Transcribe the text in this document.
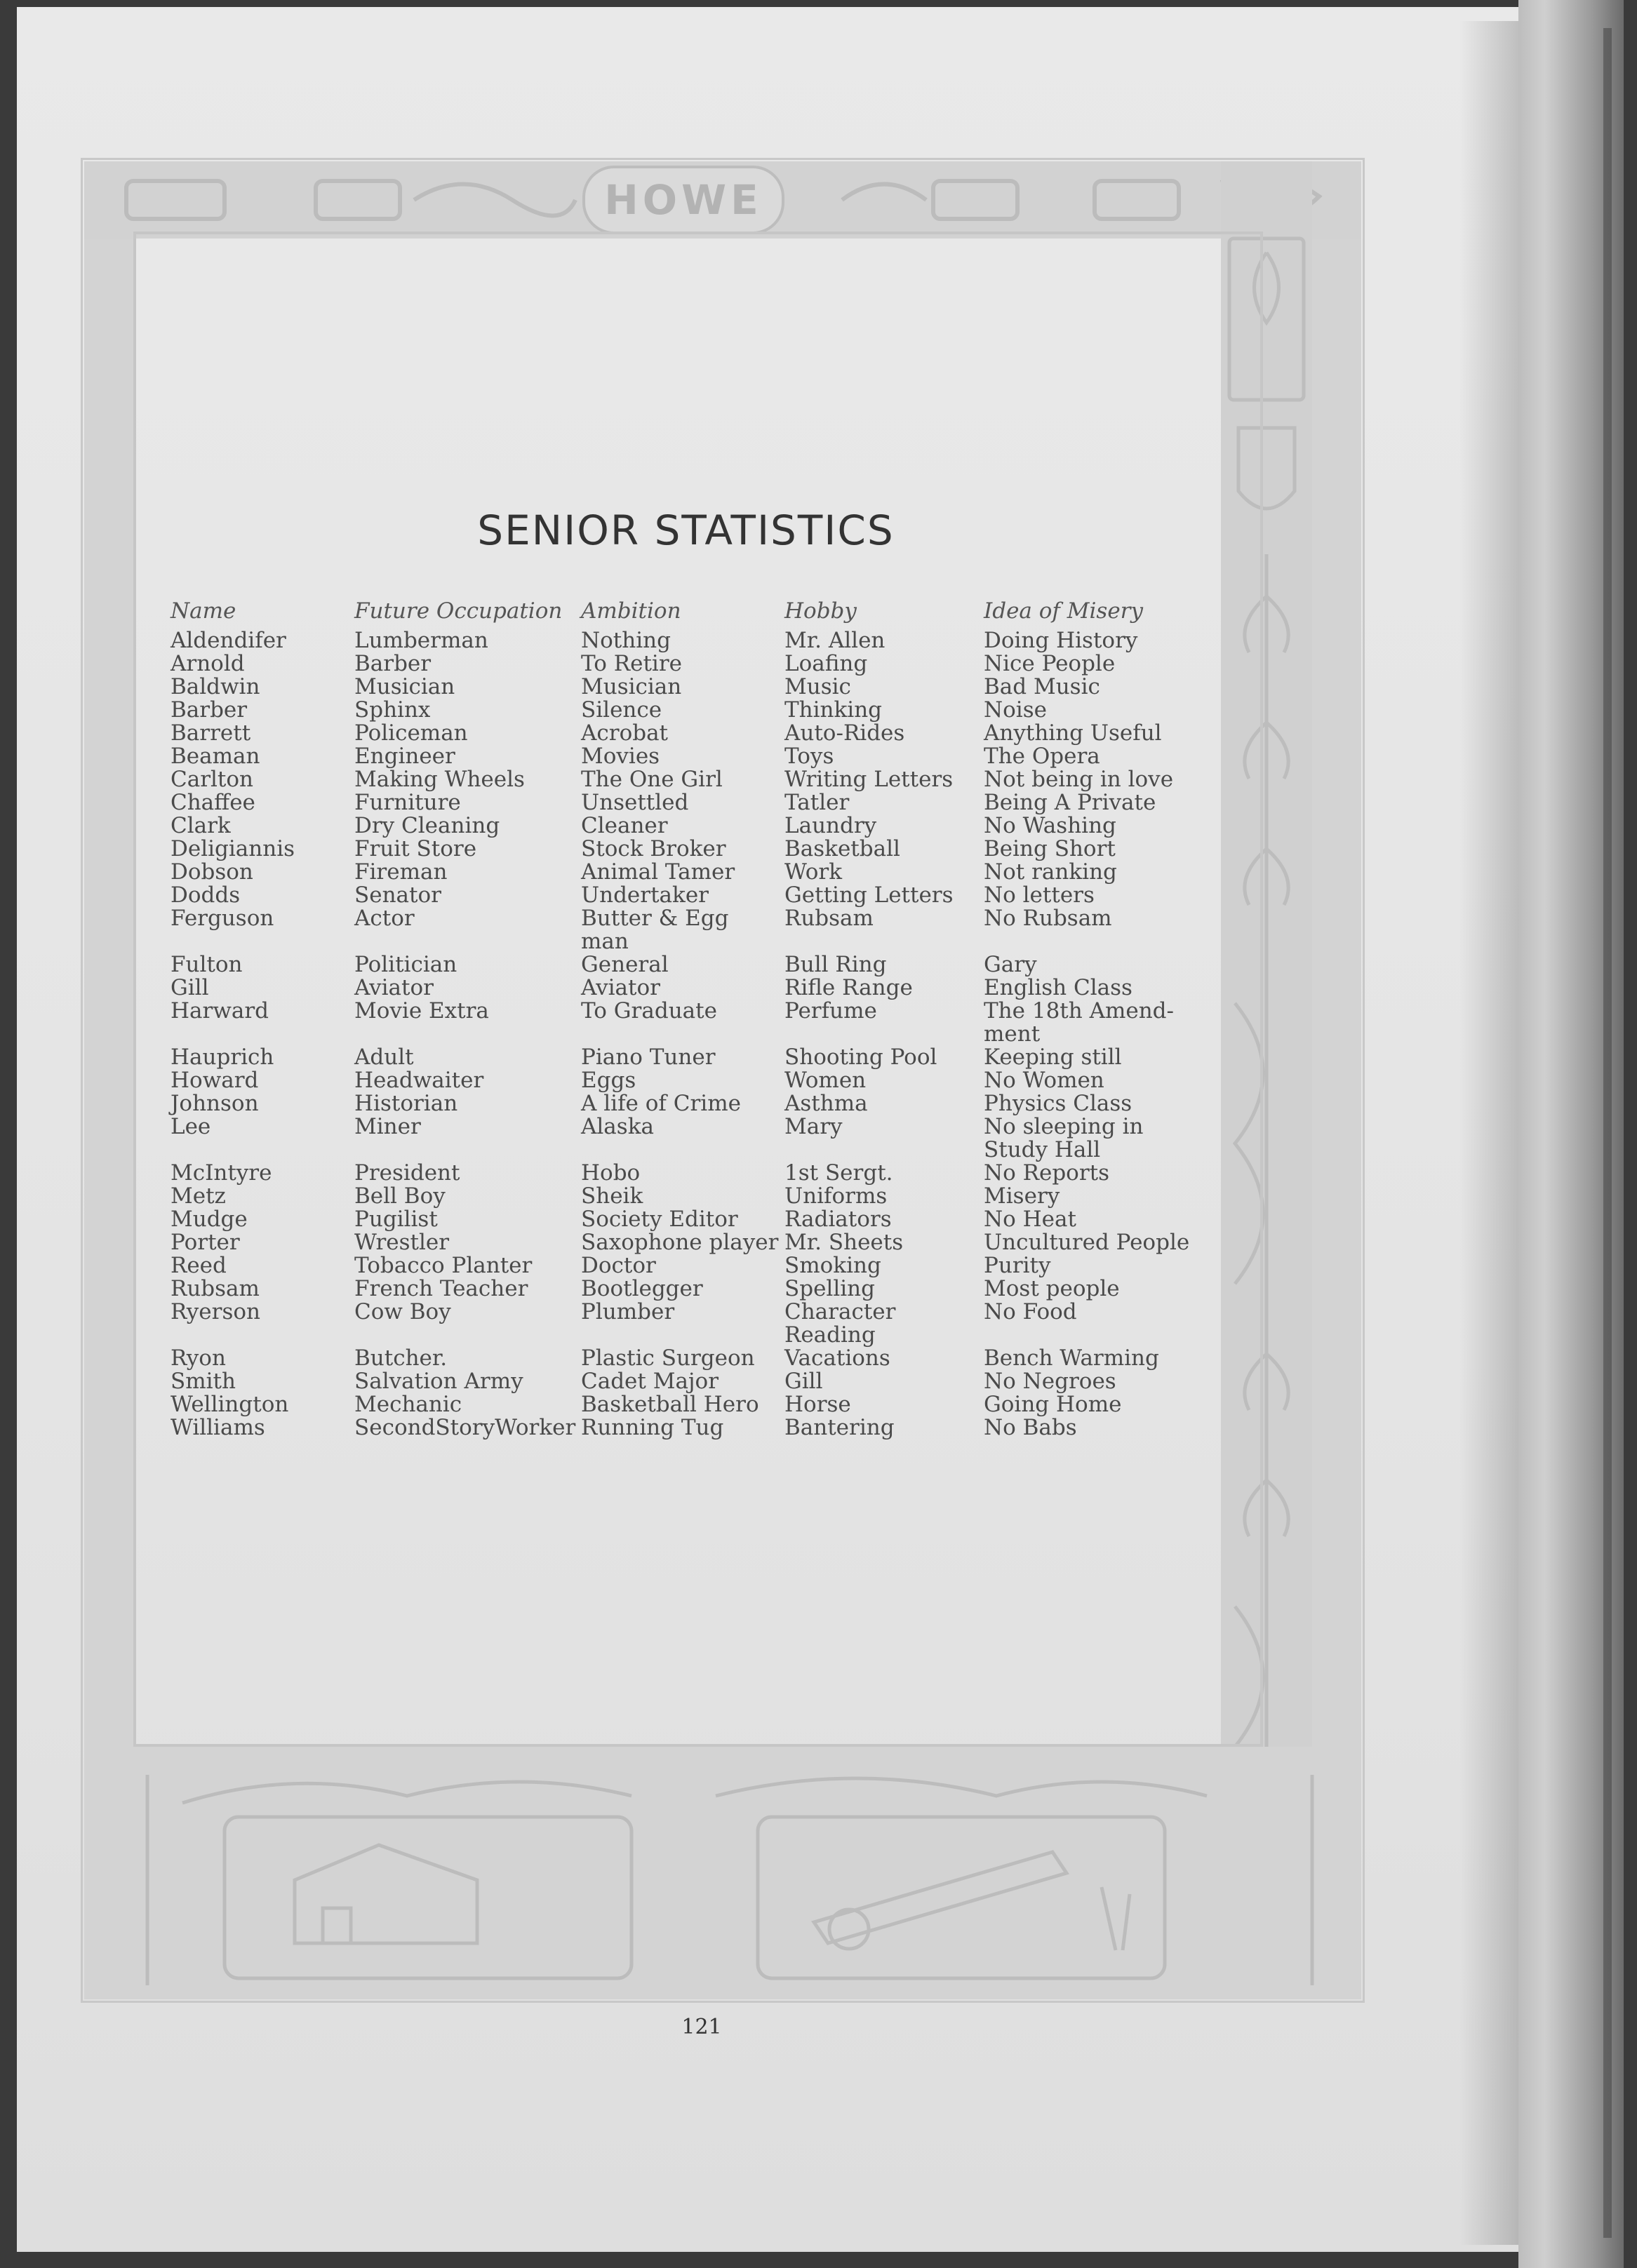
HOWE
SENIOR STATISTICS
Name
Aldendifer
Arnold
Baldwin
Barber
Barrett
Beaman
Carlton
Chaffee
Clark
Deligiannis
Dobson
Dodds
Ferguson
Fulton
Gill
Harward
Hauprich
Howard
Johnson
Lee
McIntyre
Metz
Mudge
Porter
Reed
Rubsam
Ryerson
Ryon
Smith
Wellington
Williams
Future Occupation
Lumberman
Barber
Musician
Sphinx
Policeman
Engineer
Making Wheels
Furniture
Dry Cleaning
Fruit Store
Fireman
Senator
Actor
Politician
Aviator
Movie Extra
Adult
Headwaiter
Historian
Miner
President
Bell Boy
Pugilist
Wrestler
Tobacco Planter
French Teacher
Cow Boy
Butcher.
Salvation Army
Mechanic
SecondStoryWorker
Ambition
Nothing
To Retire
Musician
Silence
Acrobat
Movies
The One Girl
Unsettled
Cleaner
Stock Broker
Animal Tamer
Undertaker
Butter & Egg
man
General
Aviator
To Graduate
Piano Tuner
Eggs
A life of Crime
Alaska
Hobo
Sheik
Society Editor
Saxophone player
Doctor
Bootlegger
Plumber
Plastic Surgeon
Cadet Major
Basketball Hero
Running Tug
Hobby
Mr. Allen
Loafing
Music
Thinking
Auto-Rides
Toys
Writing Letters
Tatler
Laundry
Basketball
Work
Getting Letters
Rubsam
Bull Ring
Rifle Range
Perfume
Shooting Pool
Women
Asthma
Mary
1st Sergt.
Uniforms
Radiators
Mr. Sheets
Smoking
Spelling
Character
Reading
Vacations
Gill
Horse
Bantering
Idea of Misery
Doing History
Nice People
Bad Music
Noise
Anything Useful
The Opera
Not being in love
Being A Private
No Washing
Being Short
Not ranking
No letters
No Rubsam
Gary
English Class
The 18th Amend-
ment
Keeping still
No Women
Physics Class
No sleeping in
Study Hall
No Reports
Misery
No Heat
Uncultured People
Purity
Most people
No Food
Bench Warming
No Negroes
Going Home
No Babs
121
